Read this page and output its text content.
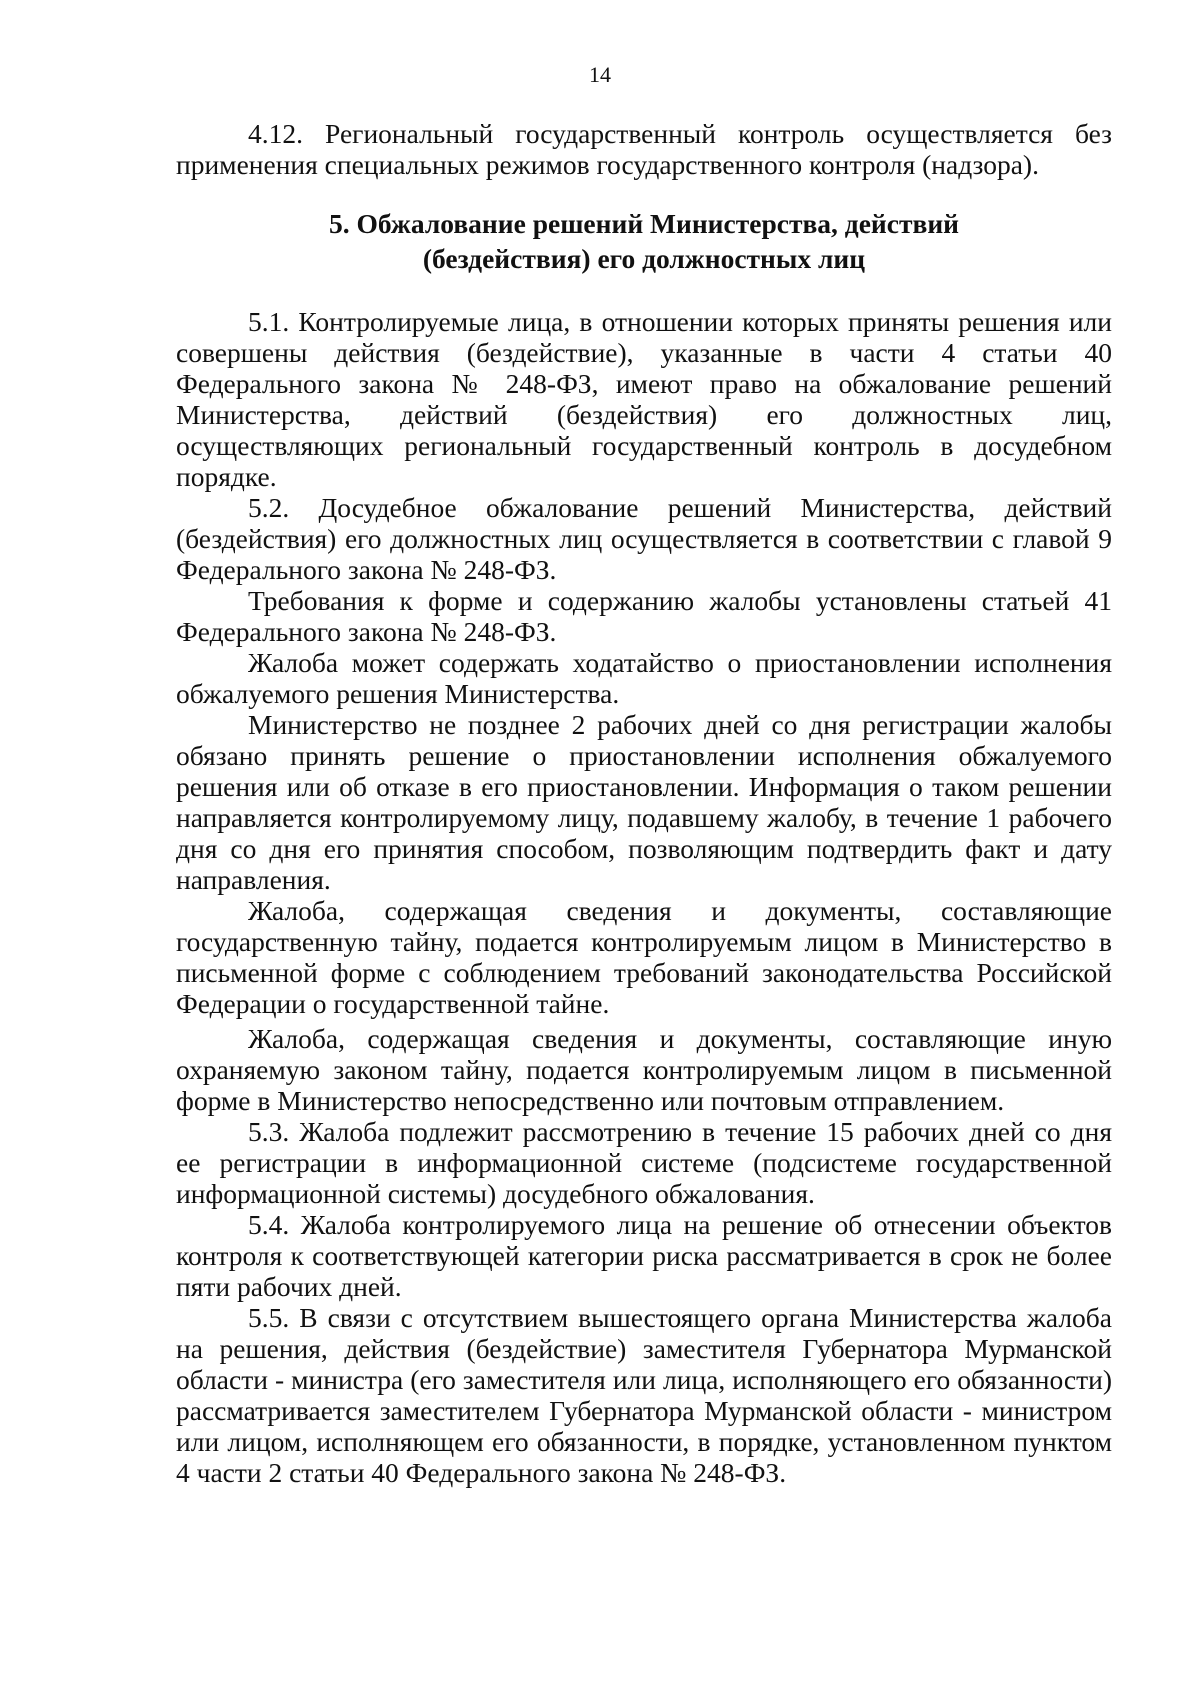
14

4.12. Региональный государственный контроль осуществляется без применения специальных режимов государственного контроля (надзора).

5. Обжалование решений Министерства, действий
(бездействия) его должностных лиц

5.1. Контролируемые лица, в отношении которых приняты решения или совершены действия (бездействие), указанные в части 4 статьи 40 Федерального закона № 248-ФЗ, имеют право на обжалование решений Министерства, действий (бездействия) его должностных лиц, осуществляющих региональный государственный контроль в досудебном порядке.

5.2. Досудебное обжалование решений Министерства, действий (бездействия) его должностных лиц осуществляется в соответствии с главой 9 Федерального закона № 248-ФЗ.

Требования к форме и содержанию жалобы установлены статьей 41 Федерального закона № 248-ФЗ.

Жалоба может содержать ходатайство о приостановлении исполнения обжалуемого решения Министерства.

Министерство не позднее 2 рабочих дней со дня регистрации жалобы обязано принять решение о приостановлении исполнения обжалуемого решения или об отказе в его приостановлении. Информация о таком решении направляется контролируемому лицу, подавшему жалобу, в течение 1 рабочего дня со дня его принятия способом, позволяющим подтвердить факт и дату направления.

Жалоба, содержащая сведения и документы, составляющие государственную тайну, подается контролируемым лицом в Министерство в письменной форме с соблюдением требований законодательства Российской Федерации о государственной тайне.

Жалоба, содержащая сведения и документы, составляющие иную охраняемую законом тайну, подается контролируемым лицом в письменной форме в Министерство непосредственно или почтовым отправлением.

5.3. Жалоба подлежит рассмотрению в течение 15 рабочих дней со дня ее регистрации в информационной системе (подсистеме государственной информационной системы) досудебного обжалования.

5.4. Жалоба контролируемого лица на решение об отнесении объектов контроля к соответствующей категории риска рассматривается в срок не более пяти рабочих дней.

5.5. В связи с отсутствием вышестоящего органа Министерства жалоба на решения, действия (бездействие) заместителя Губернатора Мурманской области - министра (его заместителя или лица, исполняющего его обязанности) рассматривается заместителем Губернатора Мурманской области - министром или лицом, исполняющем его обязанности, в порядке, установленном пунктом 4 части 2 статьи 40 Федерального закона № 248-ФЗ.
